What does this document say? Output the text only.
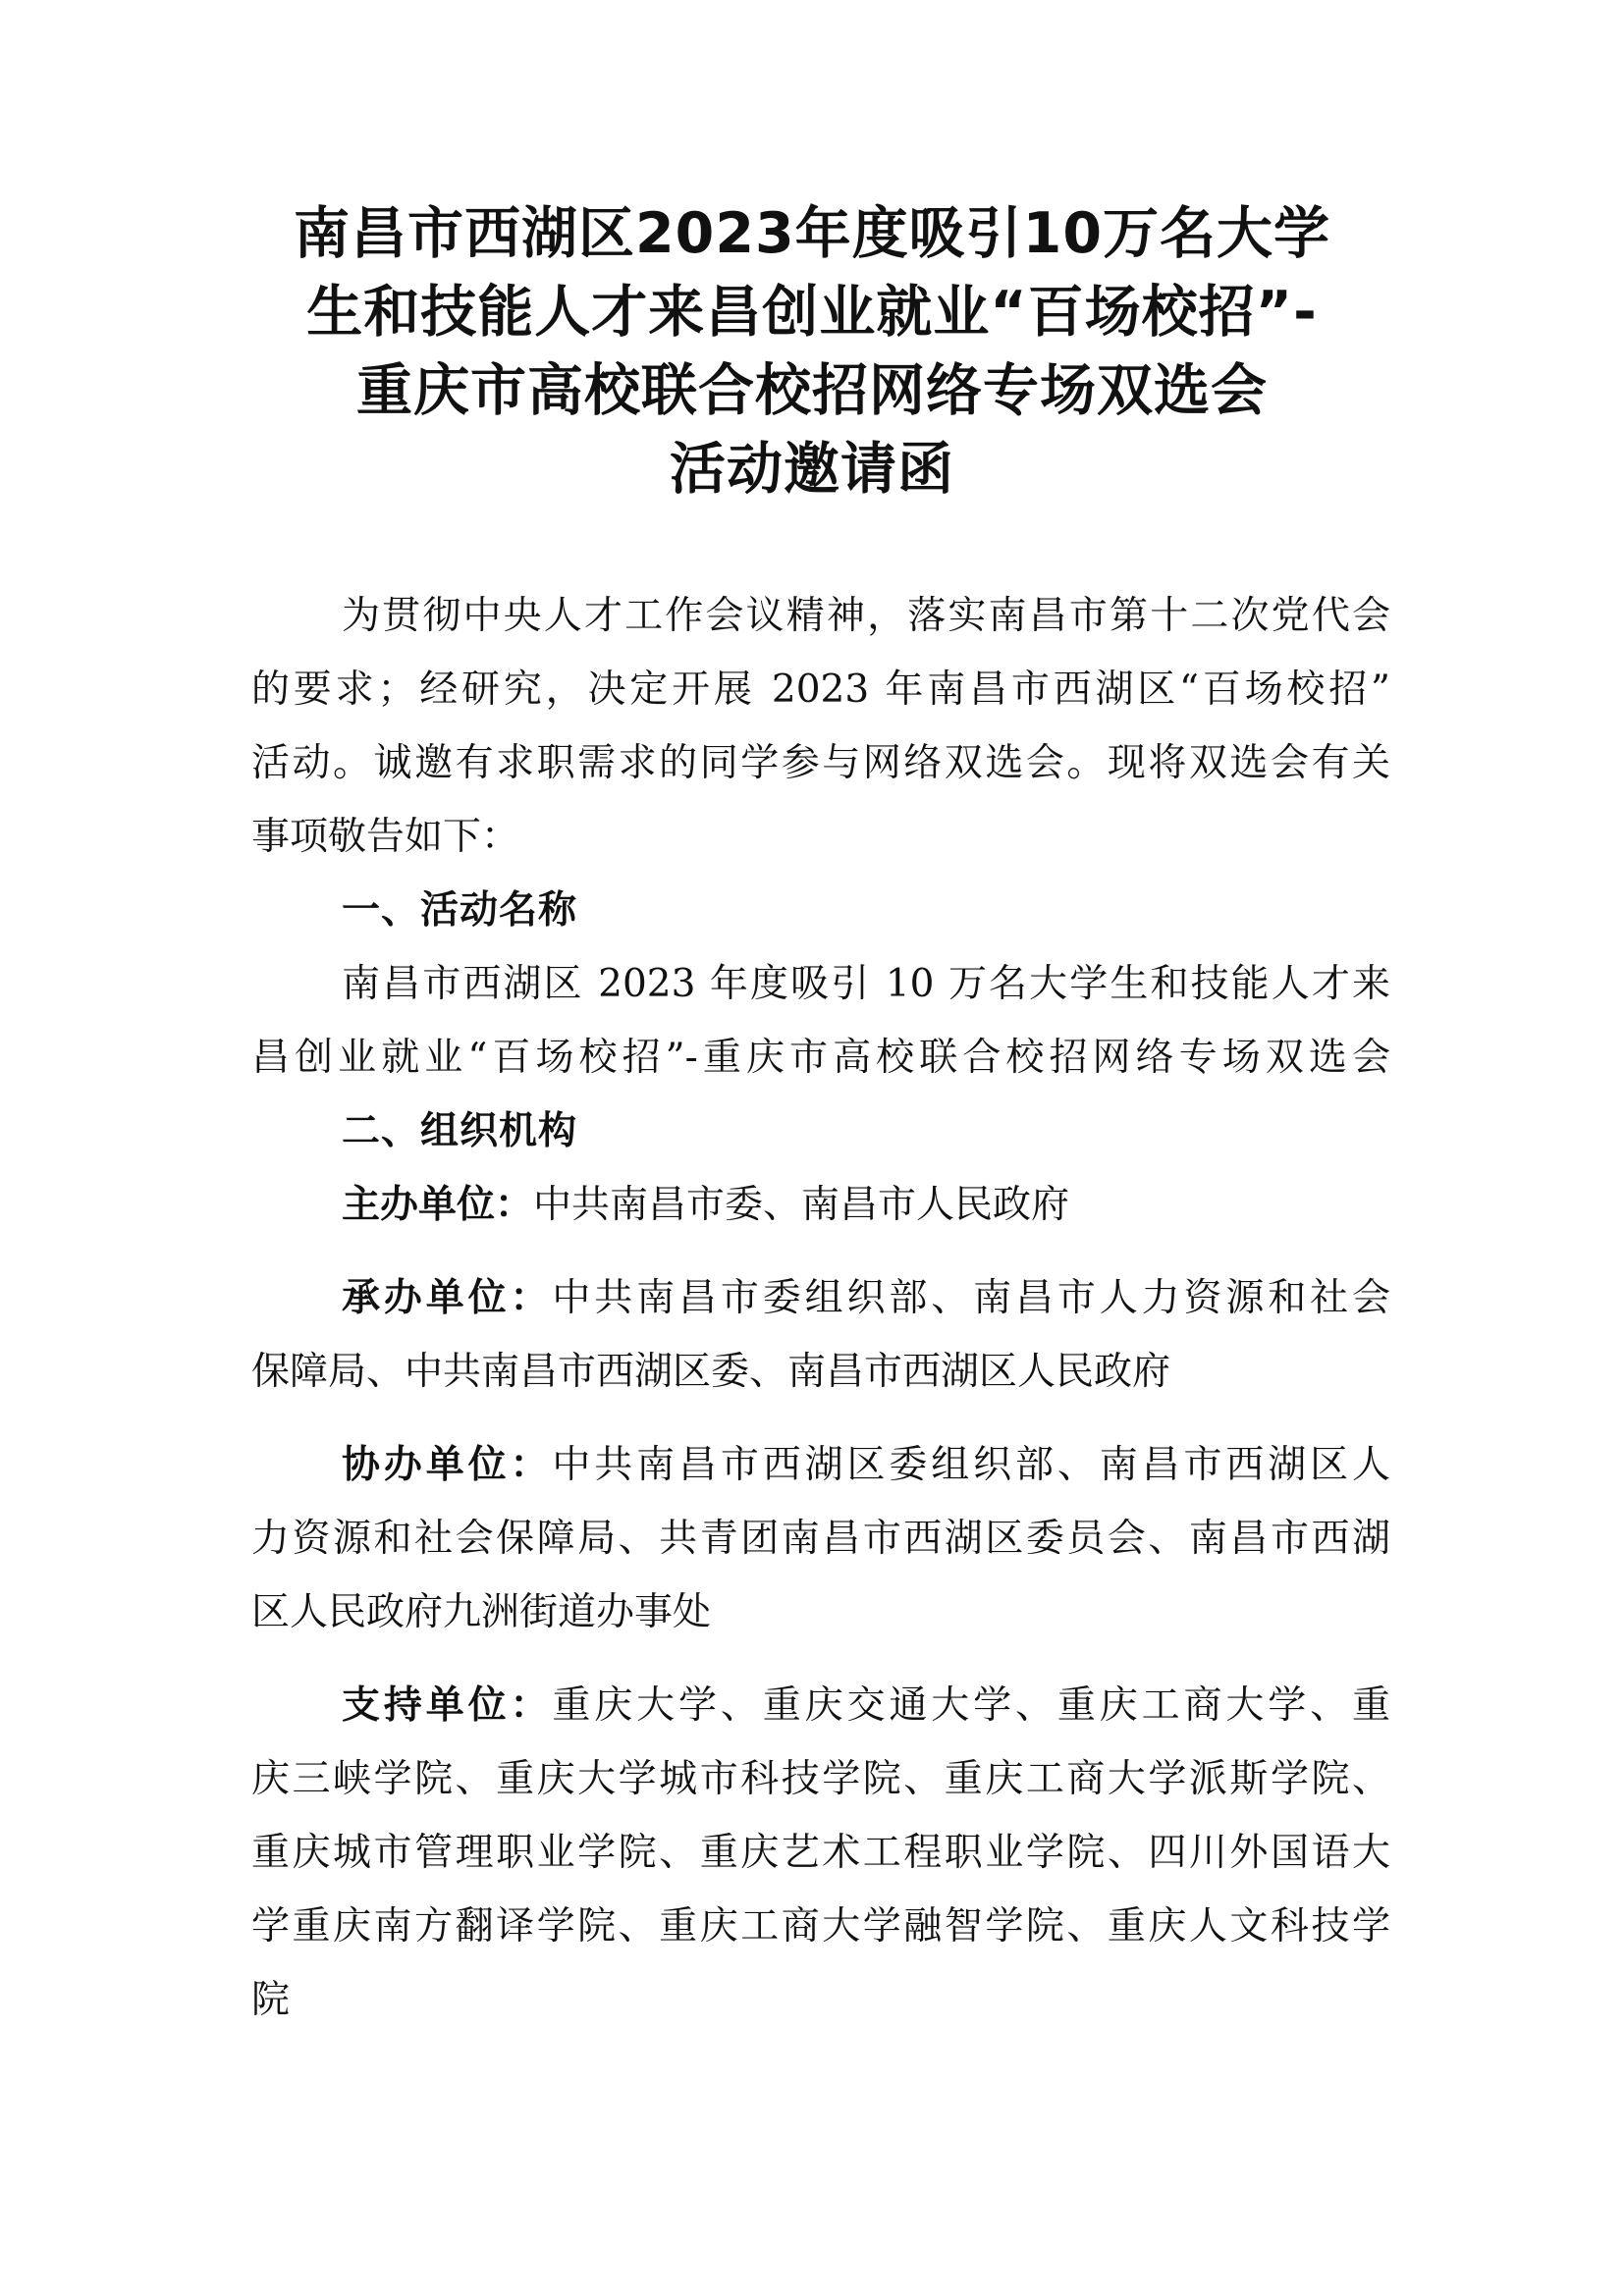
南昌市西湖区2023年度吸引10万名大学
生和技能人才来昌创业就业“百场校招”-
重庆市高校联合校招网络专场双选会
活动邀请函
为贯彻中央人才工作会议精神，落实南昌市第十二次党代会
的要求；经研究，决定开展 2023 年南昌市西湖区“百场校招”
活动。诚邀有求职需求的同学参与网络双选会。现将双选会有关
事项敬告如下：
一、活动名称
南昌市西湖区 2023 年度吸引 10 万名大学生和技能人才来
昌创业就业“百场校招”-重庆市高校联合校招网络专场双选会
二、组织机构
主办单位：中共南昌市委、南昌市人民政府
承办单位：中共南昌市委组织部、南昌市人力资源和社会
保障局、中共南昌市西湖区委、南昌市西湖区人民政府
协办单位：中共南昌市西湖区委组织部、南昌市西湖区人
力资源和社会保障局、共青团南昌市西湖区委员会、南昌市西湖
区人民政府九洲街道办事处
支持单位：重庆大学、重庆交通大学、重庆工商大学、重
庆三峡学院、重庆大学城市科技学院、重庆工商大学派斯学院、
重庆城市管理职业学院、重庆艺术工程职业学院、四川外国语大
学重庆南方翻译学院、重庆工商大学融智学院、重庆人文科技学
院
